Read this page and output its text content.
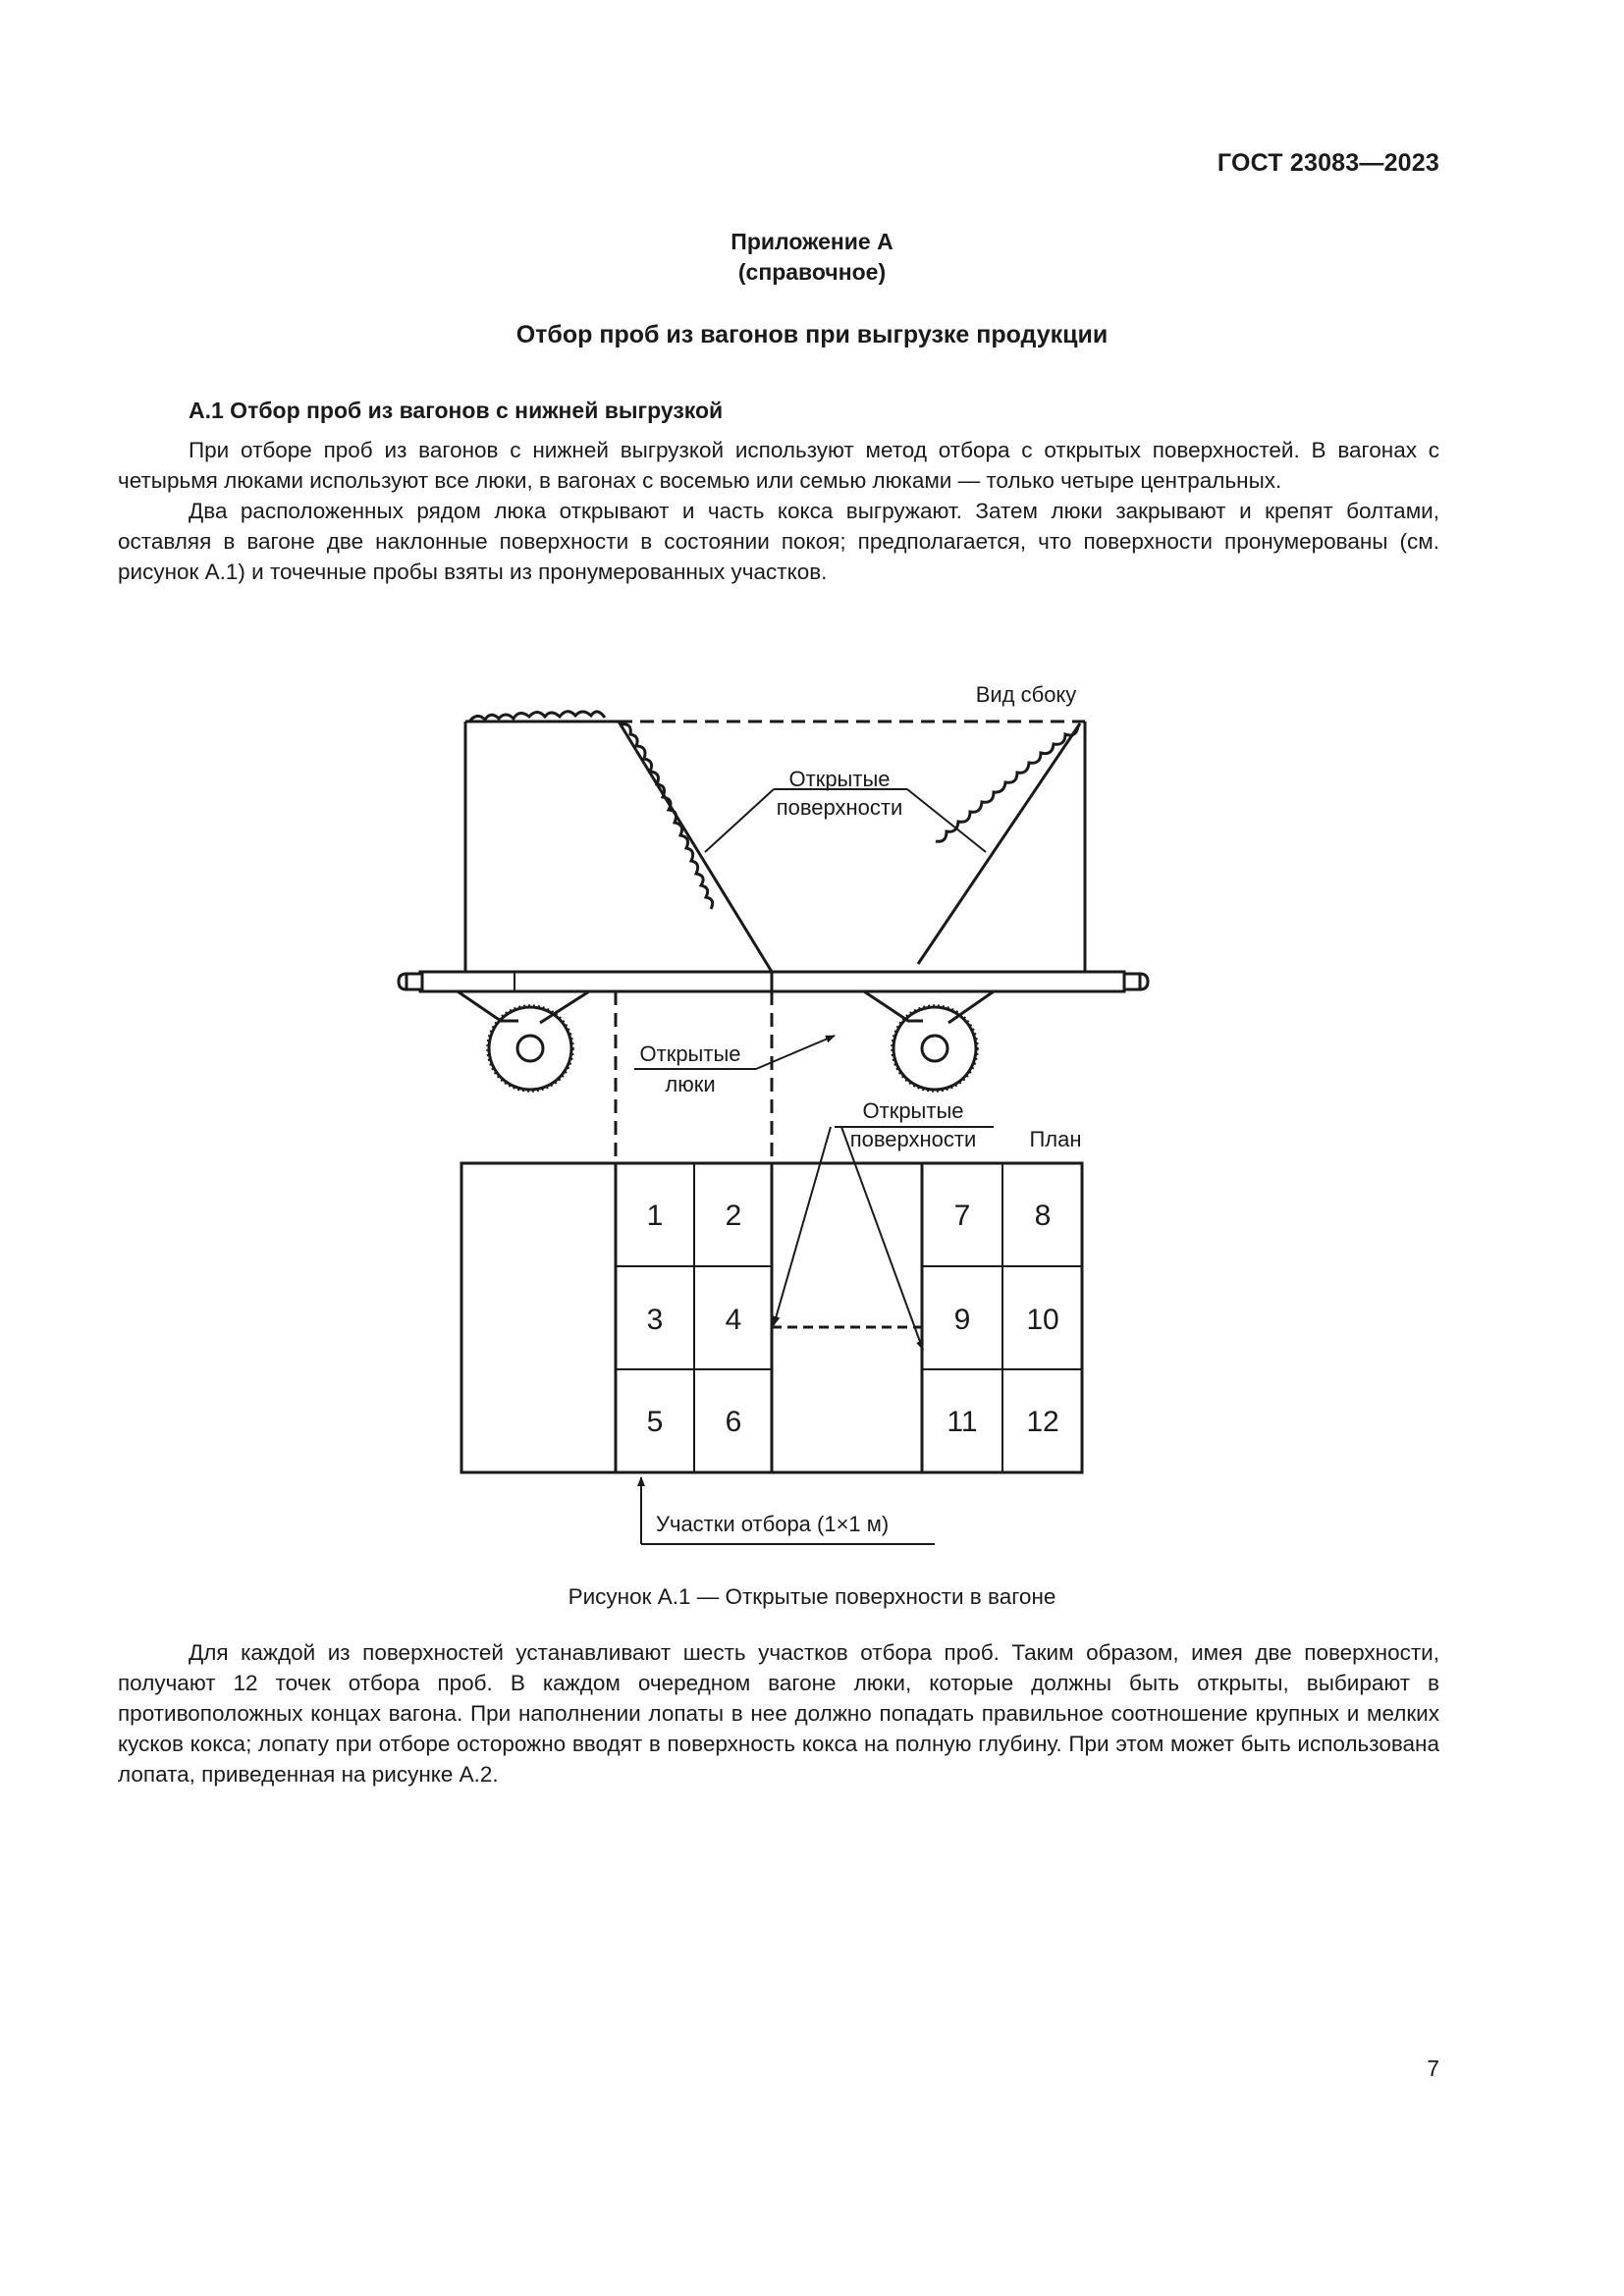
ГОСТ 23083—2023
Приложение А
(справочное)
Отбор проб из вагонов при выгрузке продукции
А.1 Отбор проб из вагонов с нижней выгрузкой

При отборе проб из вагонов с нижней выгрузкой используют метод отбора с открытых поверхностей. В вагонах с четырьмя люками используют все люки, в вагонах с восемью или семью люками — только четыре центральных.

Два расположенных рядом люка открывают и часть кокса выгружают. Затем люки закрывают и крепят болтами, оставляя в вагоне две наклонные поверхности в состоянии покоя; предполагается, что поверхности пронумерованы (см. рисунок А.1) и точечные пробы взяты из пронумерованных участков.

Вид сбоку
Открытые
поверхности
Открытые
люки
Открытые
поверхности План
1 2
3 4
5 6
7 8
9 10
11 12
Участки отбора (1×1 м)
Рисунок А.1 — Открытые поверхности в вагоне

Для каждой из поверхностей устанавливают шесть участков отбора проб. Таким образом, имея две поверхности, получают 12 точек отбора проб. В каждом очередном вагоне люки, которые должны быть открыты, выбирают в противоположных концах вагона. При наполнении лопаты в нее должно попадать правильное соотношение крупных и мелких кусков кокса; лопату при отборе осторожно вводят в поверхность кокса на полную глубину. При этом может быть использована лопата, приведенная на рисунке А.2.

7
